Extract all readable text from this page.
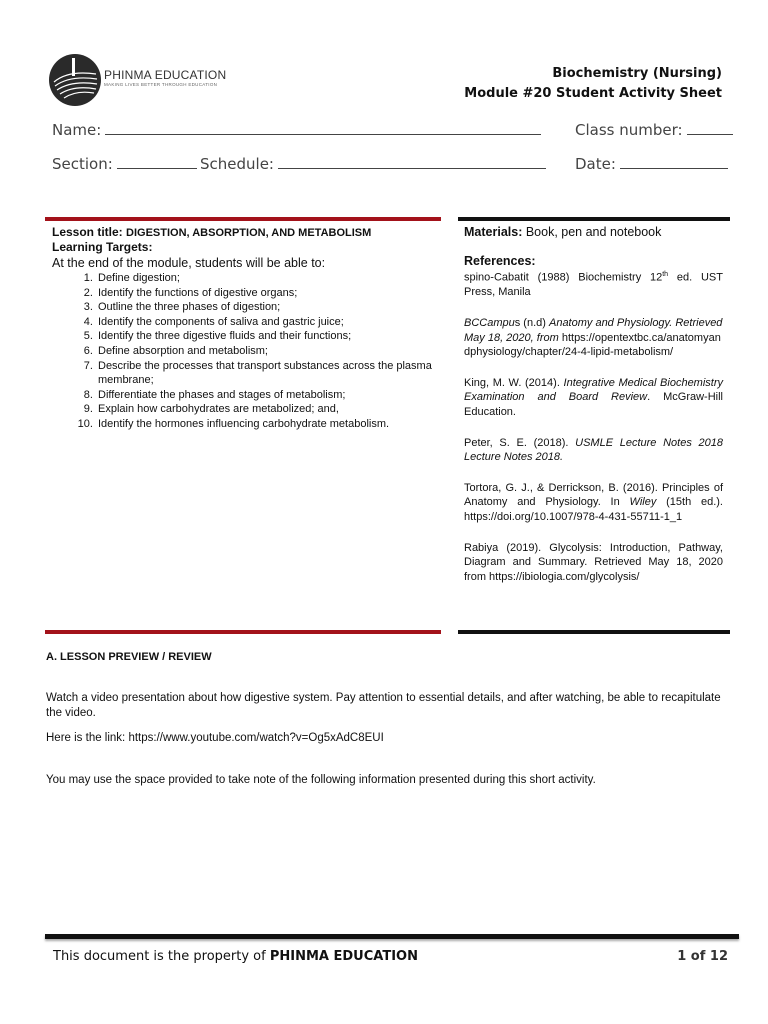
PHINMA EDUCATION
MAKING LIVES BETTER THROUGH EDUCATION
Biochemistry (Nursing)
Module #20 Student Activity Sheet
Name:	Class number:
Section:	Schedule:	Date:
Lesson title: DIGESTION, ABSORPTION, AND METABOLISM
Learning Targets:
At the end of the module, students will be able to:
1. Define digestion;
2. Identify the functions of digestive organs;
3. Outline the three phases of digestion;
4. Identify the components of saliva and gastric juice;
5. Identify the three digestive fluids and their functions;
6. Define absorption and metabolism;
7. Describe the processes that transport substances across the plasma membrane;
8. Differentiate the phases and stages of metabolism;
9. Explain how carbohydrates are metabolized; and,
10. Identify the hormones influencing carbohydrate metabolism.
Materials: Book, pen and notebook
References:
spino-Cabatit (1988) Biochemistry 12th ed. UST Press, Manila
BCCampus (n.d) Anatomy and Physiology. Retrieved May 18, 2020, from https://opentextbc.ca/anatomyandphysiology/chapter/24-4-lipid-metabolism/
King, M. W. (2014). Integrative Medical Biochemistry Examination and Board Review. McGraw-Hill Education.
Peter, S. E. (2018). USMLE Lecture Notes 2018 Lecture Notes 2018.
Tortora, G. J., & Derrickson, B. (2016). Principles of Anatomy and Physiology. In Wiley (15th ed.). https://doi.org/10.1007/978-4-431-55711-1_1
Rabiya (2019). Glycolysis: Introduction, Pathway, Diagram and Summary. Retrieved May 18, 2020 from https://ibiologia.com/glycolysis/
A. LESSON PREVIEW / REVIEW
Watch a video presentation about how digestive system. Pay attention to essential details, and after watching, be able to recapitulate the video.
Here is the link: https://www.youtube.com/watch?v=Og5xAdC8EUI
You may use the space provided to take note of the following information presented during this short activity.
This document is the property of PHINMA EDUCATION	1 of 12
